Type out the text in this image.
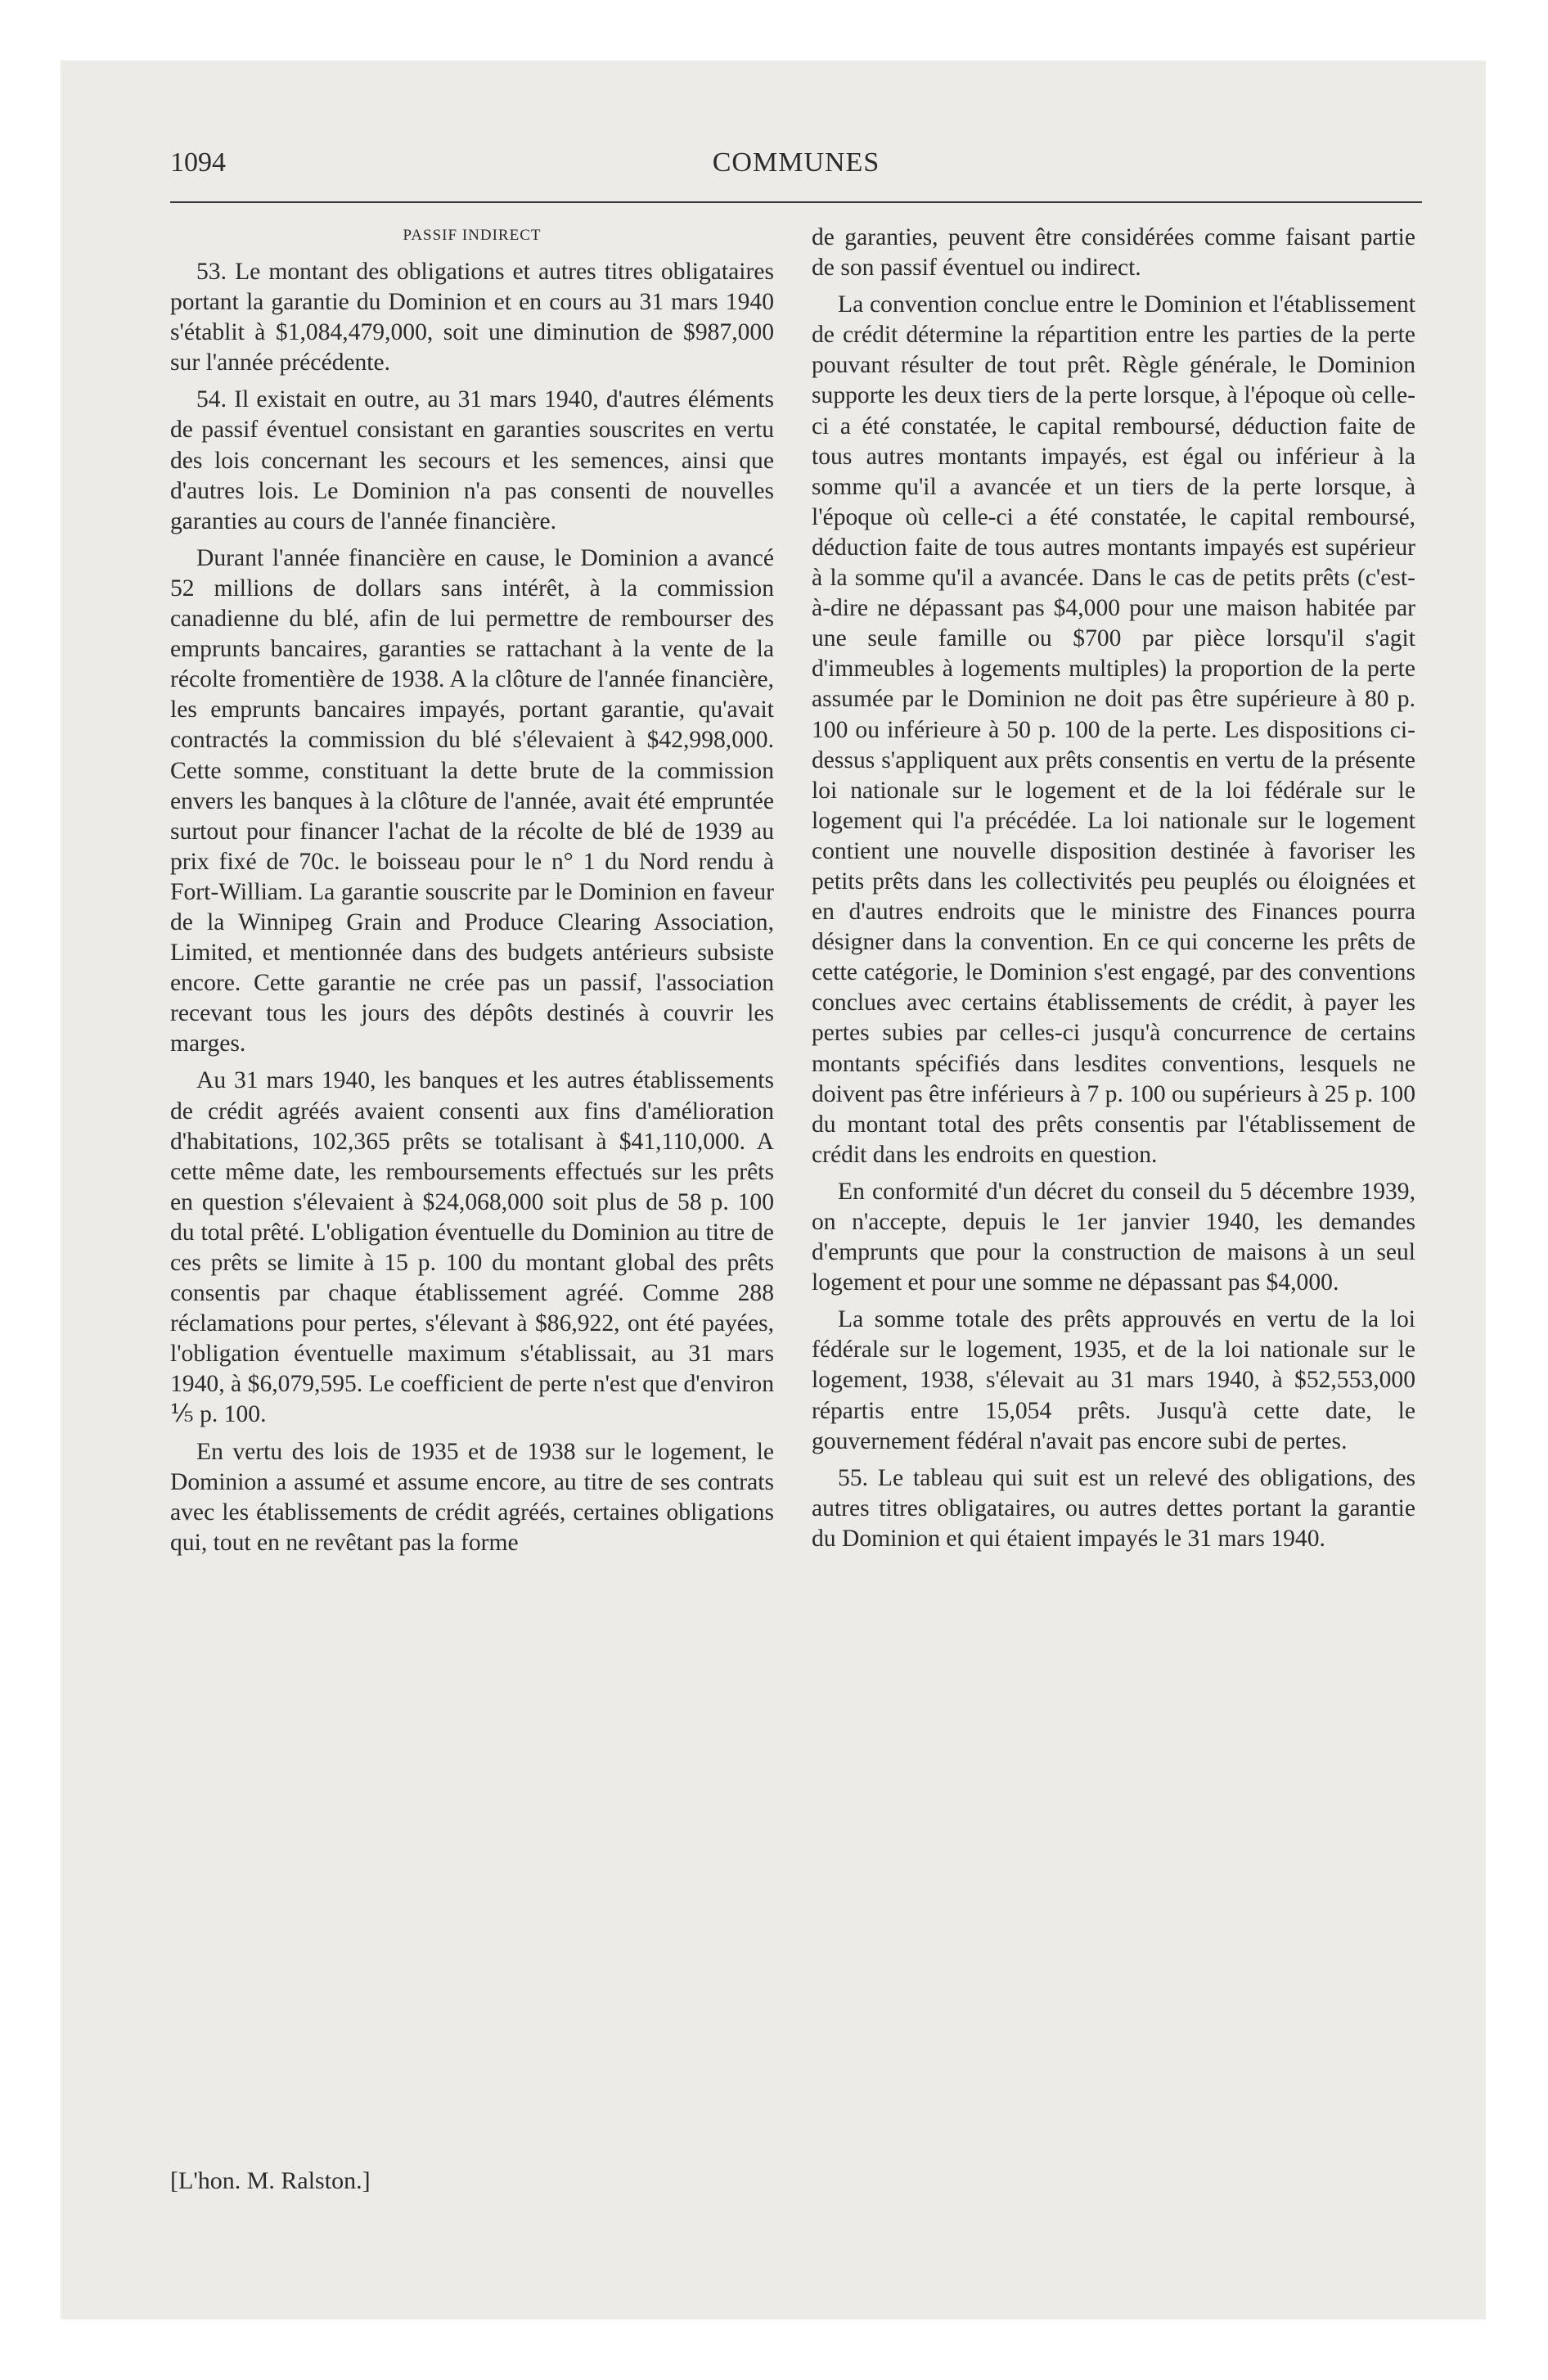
1094	COMMUNES
PASSIF INDIRECT

53. Le montant des obligations et autres titres obligataires portant la garantie du Dominion et en cours au 31 mars 1940 s'établit à $1,084,479,000, soit une diminution de $987,000 sur l'année précédente.

54. Il existait en outre, au 31 mars 1940, d'autres éléments de passif éventuel consistant en garanties souscrites en vertu des lois concernant les secours et les semences, ainsi que d'autres lois. Le Dominion n'a pas consenti de nouvelles garanties au cours de l'année financière.

Durant l'année financière en cause, le Dominion a avancé 52 millions de dollars sans intérêt, à la commission canadienne du blé, afin de lui permettre de rembourser des emprunts bancaires, garanties se rattachant à la vente de la récolte fromentière de 1938. A la clôture de l'année financière, les emprunts bancaires impayés, portant garantie, qu'avait contractés la commission du blé s'élevaient à $42,998,000. Cette somme, constituant la dette brute de la commission envers les banques à la clôture de l'année, avait été empruntée surtout pour financer l'achat de la récolte de blé de 1939 au prix fixé de 70c. le boisseau pour le n° 1 du Nord rendu à Fort-William. La garantie souscrite par le Dominion en faveur de la Winnipeg Grain and Produce Clearing Association, Limited, et mentionnée dans des budgets antérieurs subsiste encore. Cette garantie ne crée pas un passif, l'association recevant tous les jours des dépôts destinés à couvrir les marges.

Au 31 mars 1940, les banques et les autres établissements de crédit agréés avaient consenti aux fins d'amélioration d'habitations, 102,365 prêts se totalisant à $41,110,000. A cette même date, les remboursements effectués sur les prêts en question s'élevaient à $24,068,000 soit plus de 58 p. 100 du total prêté. L'obligation éventuelle du Dominion au titre de ces prêts se limite à 15 p. 100 du montant global des prêts consentis par chaque établissement agréé. Comme 288 réclamations pour pertes, s'élevant à $86,922, ont été payées, l'obligation éventuelle maximum s'établissait, au 31 mars 1940, à $6,079,595. Le coefficient de perte n'est que d'environ ⅕ p. 100.

En vertu des lois de 1935 et de 1938 sur le logement, le Dominion a assumé et assume encore, au titre de ses contrats avec les établissements de crédit agréés, certaines obligations qui, tout en ne revêtant pas la forme

de garanties, peuvent être considérées comme faisant partie de son passif éventuel ou indirect.

La convention conclue entre le Dominion et l'établissement de crédit détermine la répartition entre les parties de la perte pouvant résulter de tout prêt. Règle générale, le Dominion supporte les deux tiers de la perte lorsque, à l'époque où celle-ci a été constatée, le capital remboursé, déduction faite de tous autres montants impayés, est égal ou inférieur à la somme qu'il a avancée et un tiers de la perte lorsque, à l'époque où celle-ci a été constatée, le capital remboursé, déduction faite de tous autres montants impayés est supérieur à la somme qu'il a avancée. Dans le cas de petits prêts (c'est-à-dire ne dépassant pas $4,000 pour une maison habitée par une seule famille ou $700 par pièce lorsqu'il s'agit d'immeubles à logements multiples) la proportion de la perte assumée par le Dominion ne doit pas être supérieure à 80 p. 100 ou inférieure à 50 p. 100 de la perte. Les dispositions ci-dessus s'appliquent aux prêts consentis en vertu de la présente loi nationale sur le logement et de la loi fédérale sur le logement qui l'a précédée. La loi nationale sur le logement contient une nouvelle disposition destinée à favoriser les petits prêts dans les collectivités peu peuplés ou éloignées et en d'autres endroits que le ministre des Finances pourra désigner dans la convention. En ce qui concerne les prêts de cette catégorie, le Dominion s'est engagé, par des conventions conclues avec certains établissements de crédit, à payer les pertes subies par celles-ci jusqu'à concurrence de certains montants spécifiés dans lesdites conventions, lesquels ne doivent pas être inférieurs à 7 p. 100 ou supérieurs à 25 p. 100 du montant total des prêts consentis par l'établissement de crédit dans les endroits en question.

En conformité d'un décret du conseil du 5 décembre 1939, on n'accepte, depuis le 1er janvier 1940, les demandes d'emprunts que pour la construction de maisons à un seul logement et pour une somme ne dépassant pas $4,000.

La somme totale des prêts approuvés en vertu de la loi fédérale sur le logement, 1935, et de la loi nationale sur le logement, 1938, s'élevait au 31 mars 1940, à $52,553,000 répartis entre 15,054 prêts. Jusqu'à cette date, le gouvernement fédéral n'avait pas encore subi de pertes.

55. Le tableau qui suit est un relevé des obligations, des autres titres obligataires, ou autres dettes portant la garantie du Dominion et qui étaient impayés le 31 mars 1940.

[L'hon. M. Ralston.]
